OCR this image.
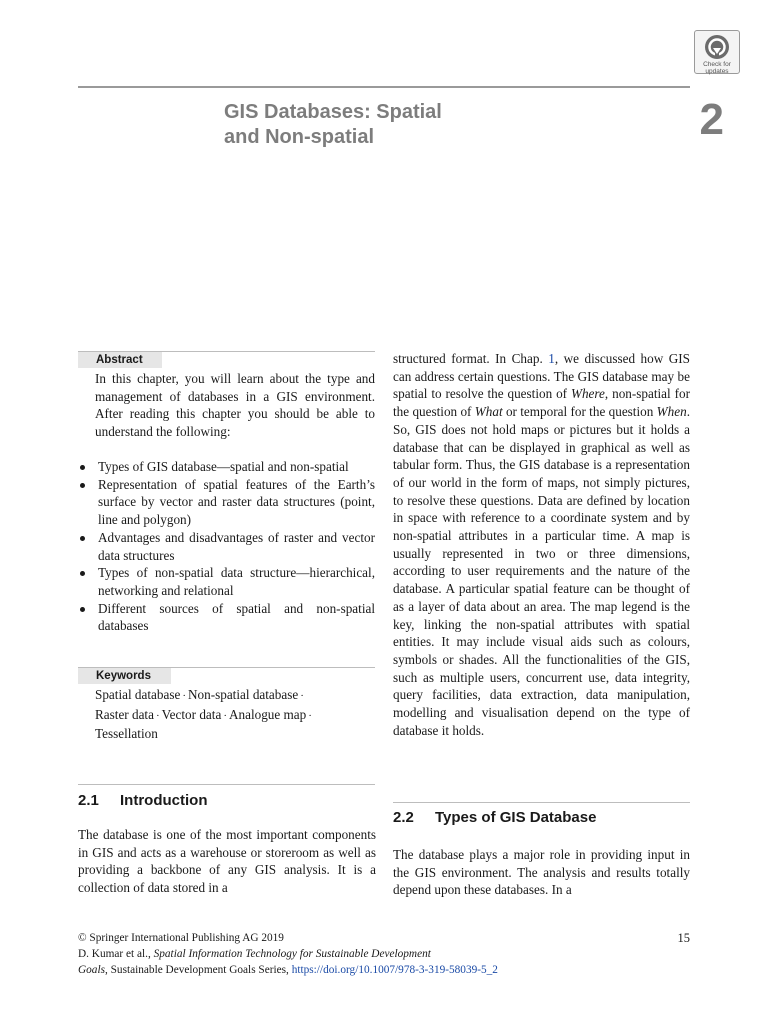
Check for
updates
GIS Databases: Spatial
and Non-spatial	2
Abstract
In this chapter, you will learn about the type and management of databases in a GIS environment. After reading this chapter you should be able to understand the following:
Types of GIS database—spatial and non-spatial
Representation of spatial features of the Earth’s surface by vector and raster data structures (point, line and polygon)
Advantages and disadvantages of raster and vector data structures
Types of non-spatial data structure—hierarchical, networking and relational
Different sources of spatial and non-spatial databases
Keywords
Spatial database · Non-spatial database ·
Raster data · Vector data · Analogue map ·
Tessellation
2.1 Introduction
The database is one of the most important components in GIS and acts as a warehouse or storeroom as well as providing a backbone of any GIS analysis. It is a collection of data stored in a
structured format. In Chap. 1, we discussed how GIS can address certain questions. The GIS database may be spatial to resolve the question of Where, non-spatial for the question of What or temporal for the question When. So, GIS does not hold maps or pictures but it holds a database that can be displayed in graphical as well as tabular form. Thus, the GIS database is a representation of our world in the form of maps, not simply pictures, to resolve these questions. Data are defined by location in space with reference to a coordinate system and by non-spatial attributes in a particular time. A map is usually represented in two or three dimensions, according to user requirements and the nature of the database. A particular spatial feature can be thought of as a layer of data about an area. The map legend is the key, linking the non-spatial attributes with spatial entities. It may include visual aids such as colours, symbols or shades. All the functionalities of the GIS, such as multiple users, concurrent use, data integrity, query facilities, data extraction, data manipulation, modelling and visualisation depend on the type of database it holds.
2.2 Types of GIS Database
The database plays a major role in providing input in the GIS environment. The analysis and results totally depend upon these databases. In a
© Springer International Publishing AG 2019
D. Kumar et al., Spatial Information Technology for Sustainable Development
Goals, Sustainable Development Goals Series, https://doi.org/10.1007/978-3-319-58039-5_2
15
